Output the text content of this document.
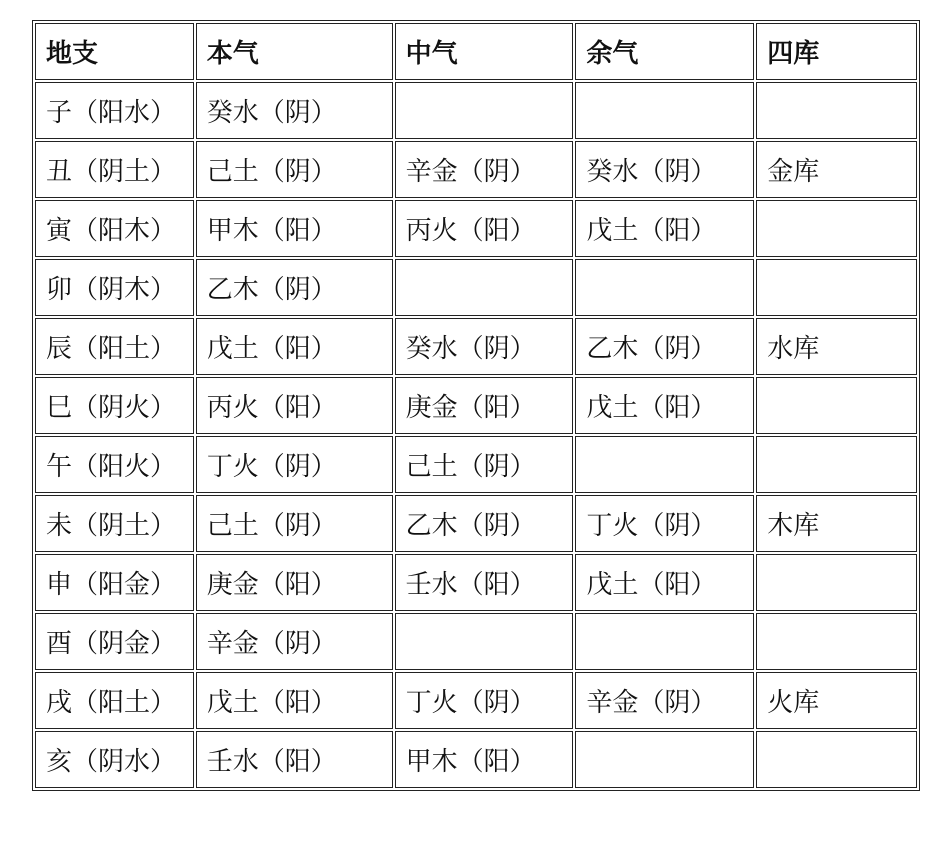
地支	本气	中气	余气	四库
子（阳水）	癸水（阴）			
丑（阴土）	己土（阴）	辛金（阴）	癸水（阴）	金库
寅（阳木）	甲木（阳）	丙火（阳）	戊土（阳）	
卯（阴木）	乙木（阴）			
辰（阳土）	戊土（阳）	癸水（阴）	乙木（阴）	水库
巳（阴火）	丙火（阳）	庚金（阳）	戊土（阳）	
午（阳火）	丁火（阴）	己土（阴）		
未（阴土）	己土（阴）	乙木（阴）	丁火（阴）	木库
申（阳金）	庚金（阳）	壬水（阳）	戊土（阳）	
酉（阴金）	辛金（阴）			
戌（阳土）	戊土（阳）	丁火（阴）	辛金（阴）	火库
亥（阴水）	壬水（阳）	甲木（阳）		
